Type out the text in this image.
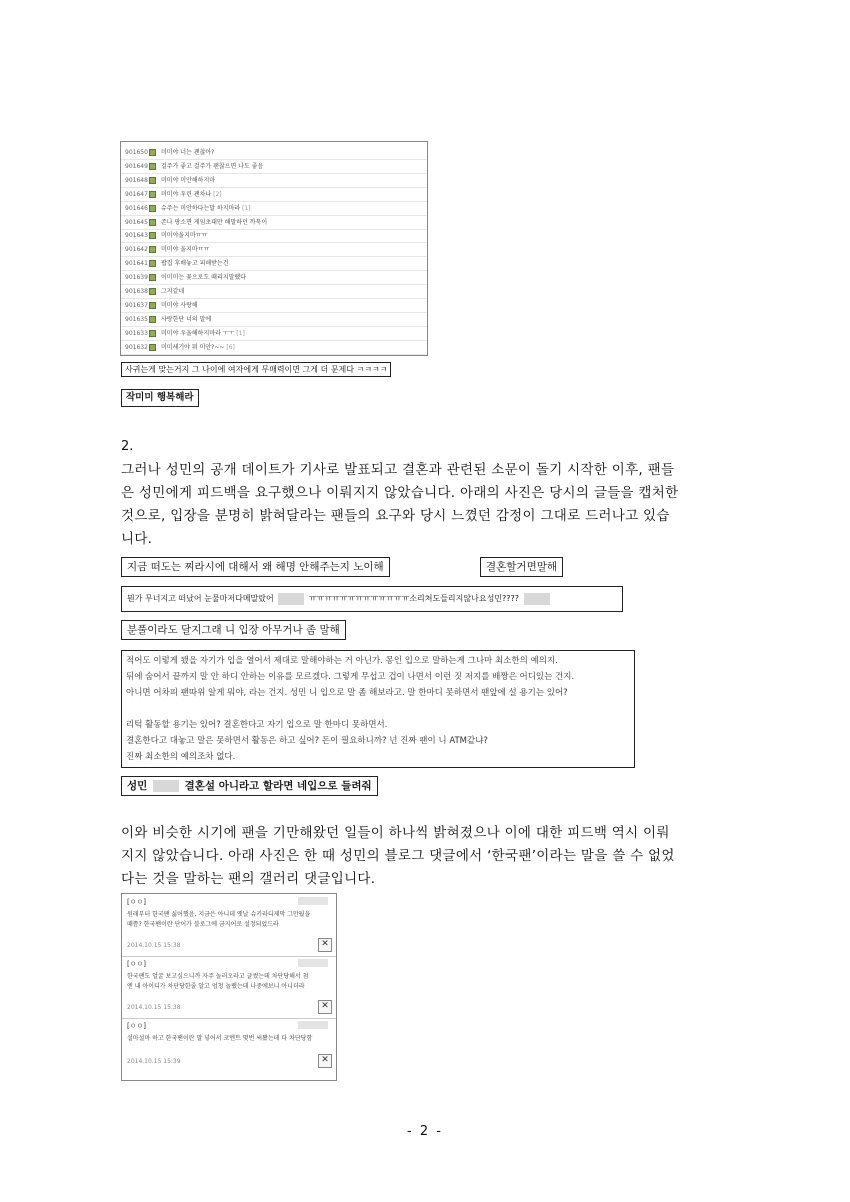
901650 미미야 너는 괜찮아?
901649 걸주가 좋고 걸주가 괜찮으면 나도 좋음
901648 미미야 미안해하지마
901647 미미야 우린 괜차나 [2]
901646 슈주는 미안하다는말 하지마라 [1]
901645 존나 팡소면 게임초대만 해말하던 까묵이
901643 미미야울지마ㅠㅠ
901642 미미야 울지마ㅠㅠ
901641 팝집 후배놓고 피해받는건
901639 이미미는 꽃으로도 때리지말랬다
901638 그지같네
901637 미미야 사랑해
901635 사랑한단 너의 말에
901633 미미야 우울해하지마라 ㅜㅜ [1]
901632 미미새기야 뭐 미안?~~ [6]
사귀는게 맞는거지 그 나이에 여자에게 무매력이면 그게 더 문제다 ㅋㅋㅋㅋ
작미미 행복해라
2.
그러나 성민의 공개 데이트가 기사로 발표되고 결혼과 관련된 소문이 돌기 시작한 이후, 팬들
은 성민에게 피드백을 요구했으나 이뤄지지 않았습니다. 아래의 사진은 당시의 글들을 캡처한
것으로, 입장을 분명히 밝혀달라는 팬들의 요구와 당시 느꼈던 감정이 그대로 드러나고 있습
니다.
지금 떠도는 찌라시에 대해서 왜 해명 안해주는지 노이해	결혼할거면말해
뭔가 무너지고 떠났어 눈물마저다메말랐어	ㅠㅠㅠㅠㅠㅠㅠㅠㅠㅠㅠㅠㅠ소리쳐도들리지않나요성민????
분풀이라도 달지그래 니 입장 아무거나 좀 말해
적어도 이렇게 됐을 자기가 입을 열어서 제대로 말해야하는 거 아닌가. 몽인 입으로 말하는게 그나마 최소한의 예의지.
뒤에 숨어서 끝까지 말 안 하디 안하는 이유를 모르겠다. 그렇게 무섭고 겁이 나면서 이런 짓 저지를 배짱은 어디있는 건지.
아니면 어차피 팬따위 알게 뭐야, 라는 건지. 성민 니 입으로 말 좀 해보라고. 말 한마디 못하면서 팬앞에 설 용기는 있어?

리턱 활동할 용기는 있어? 결혼한다고 자기 입으로 말 한마디 못하면서.
결혼한다고 대놓고 말은 못하면서 활동은 하고 싶어? 돈이 필요하니까? 넌 진짜 팬이 니 ATM같냐?
진짜 최소한의 예의조차 없다.
성민	결혼설 아니라고 할라면 네입으로 들려줘
이와 비슷한 시기에 팬을 기만해왔던 일들이 하나씩 밝혀졌으나 이에 대한 피드백 역시 이뤄
지지 않았습니다. 아래 사진은 한 때 성민의 블로그 댓글에서 ‘한국팬’이라는 말을 쓸 수 없었
다는 것을 말하는 팬의 갤러리 댓글입니다.
[ㅇㅇ]
원래부터 한국팬 싫어했음, 지금은 아니데 옛날 슈키라디제막 그만뒀을
때쯤? 한국팬이란 단어가 블로그에 금지어로 설정되었드라
2014.10.15 15:38	✕
[ㅇㅇ]
한국팬도 얼굴 보고싶으니까 자주 놀러오라고 글썼는데 차단당해서 첨
엔 내 아이디가 차단당한줄 알고 엄청 놀랬는데 나중에보니 아니더라
2014.10.15 15:38	✕
[ㅇㅇ]
설마설마 하고 한국팬이란 말 넣어서 코멘트 몇번 써봤는데 다 차단당함
2014.10.15 15:39	✕
- 2 -
